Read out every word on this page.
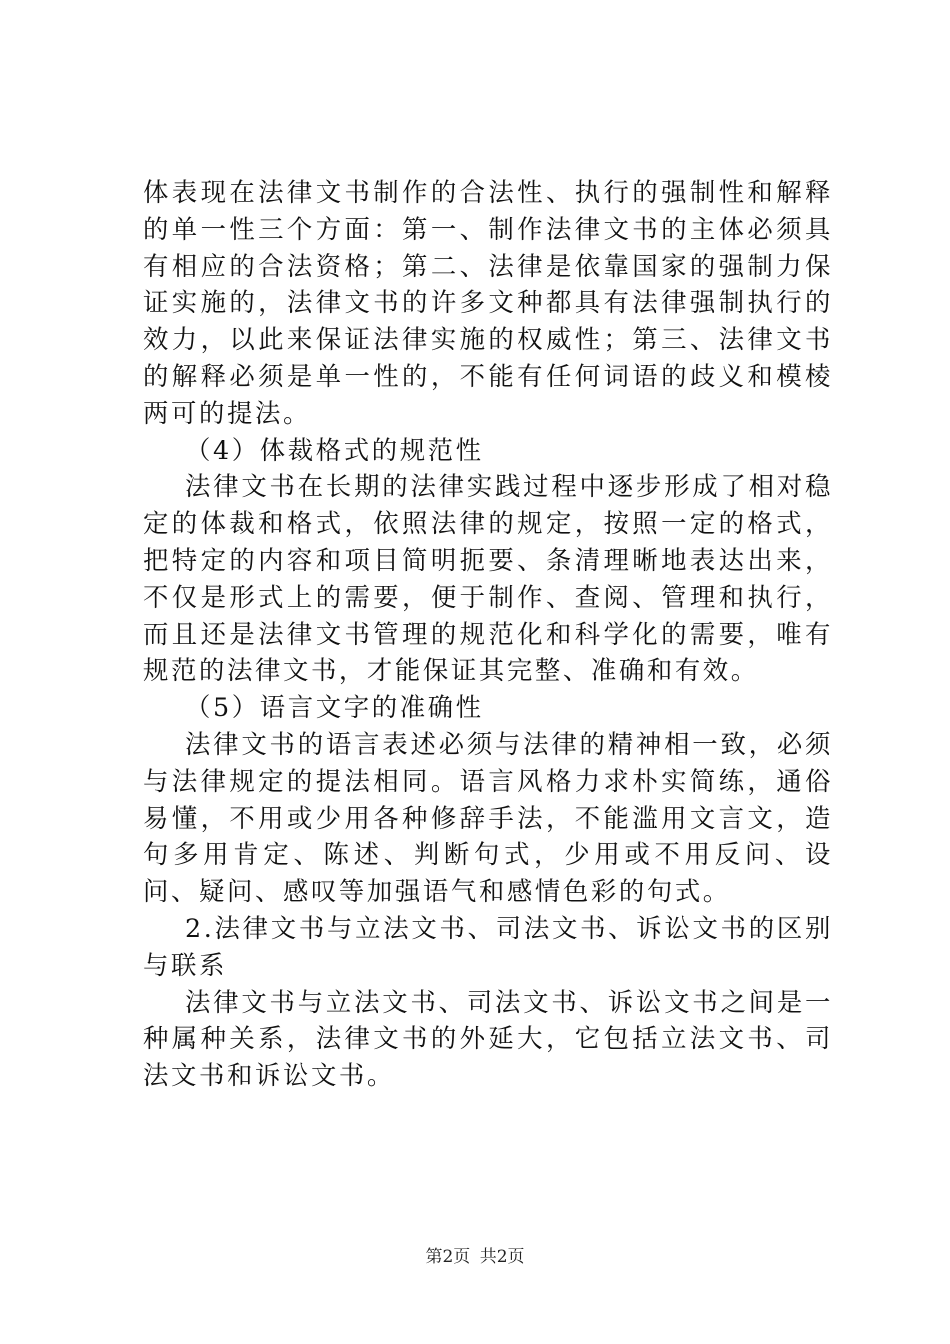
体表现在法律文书制作的合法性、执行的强制性和解释的单一性三个方面：第一、制作法律文书的主体必须具有相应的合法资格；第二、法律是依靠国家的强制力保证实施的，法律文书的许多文种都具有法律强制执行的效力，以此来保证法律实施的权威性；第三、法律文书的解释必须是单一性的，不能有任何词语的歧义和模棱两可的提法。

（4）体裁格式的规范性

法律文书在长期的法律实践过程中逐步形成了相对稳定的体裁和格式，依照法律的规定，按照一定的格式，把特定的内容和项目简明扼要、条清理晰地表达出来，不仅是形式上的需要，便于制作、查阅、管理和执行，而且还是法律文书管理的规范化和科学化的需要，唯有规范的法律文书，才能保证其完整、准确和有效。

（5）语言文字的准确性

法律文书的语言表述必须与法律的精神相一致，必须与法律规定的提法相同。语言风格力求朴实简练，通俗易懂，不用或少用各种修辞手法，不能滥用文言文，造句多用肯定、陈述、判断句式，少用或不用反问、设问、疑问、感叹等加强语气和感情色彩的句式。

2.法律文书与立法文书、司法文书、诉讼文书的区别与联系

法律文书与立法文书、司法文书、诉讼文书之间是一种属种关系，法律文书的外延大，它包括立法文书、司法文书和诉讼文书。

第2页 共2页
